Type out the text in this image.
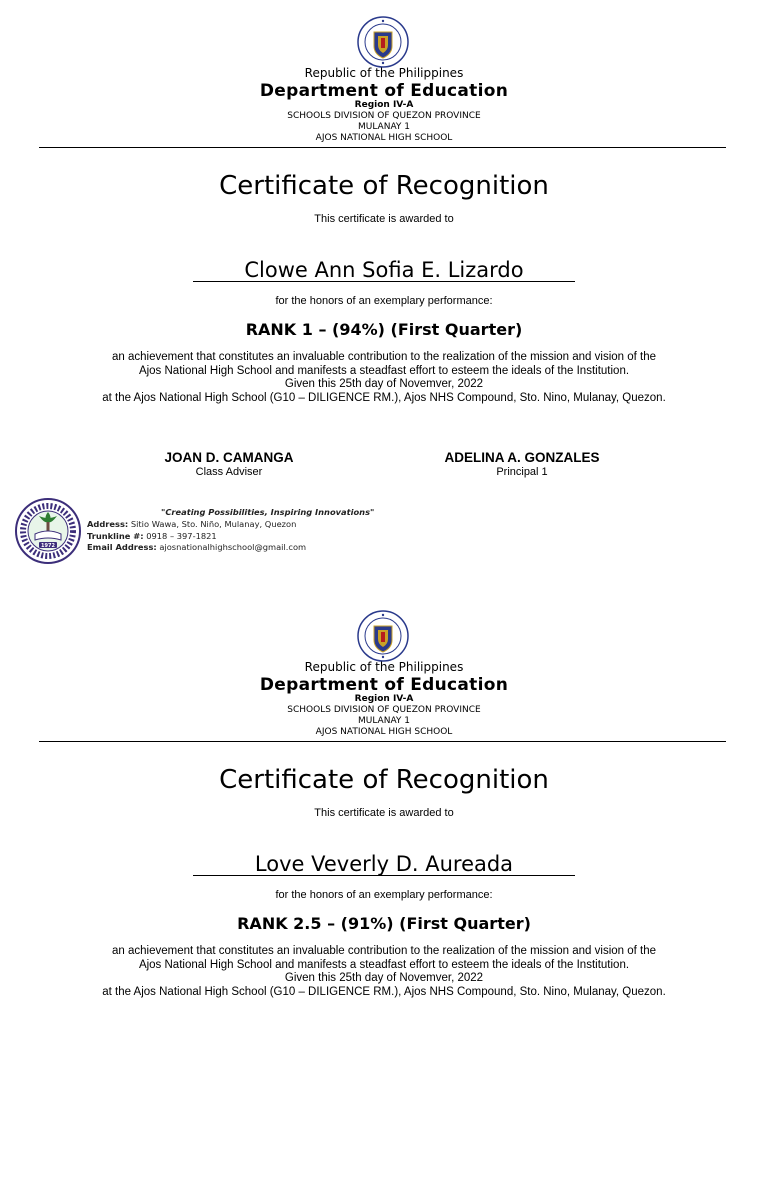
Republic of the Philippines
Department of Education
Region IV-A
SCHOOLS DIVISION OF QUEZON PROVINCE
MULANAY 1
AJOS NATIONAL HIGH SCHOOL
Certificate of Recognition
This certificate is awarded to
Clowe Ann Sofia E. Lizardo
for the honors of an exemplary performance:
RANK 1 – (94%) (First Quarter)
an achievement that constitutes an invaluable contribution to the realization of the mission and vision of the
Ajos National High School and manifests a steadfast effort to esteem the ideals of the Institution.
Given this 25th day of Novemver, 2022
at the Ajos National High School (G10 – DILIGENCE RM.), Ajos NHS Compound, Sto. Nino, Mulanay, Quezon.
JOAN D. CAMANGA
Class Adviser
ADELINA A. GONZALES
Principal 1
1972
"Creating Possibilities, Inspiring Innovations"
Address: Sitio Wawa, Sto. Niño, Mulanay, Quezon
Trunkline #: 0918 – 397-1821
Email Address: ajosnationalhighschool@gmail.com
Republic of the Philippines
Department of Education
Region IV-A
SCHOOLS DIVISION OF QUEZON PROVINCE
MULANAY 1
AJOS NATIONAL HIGH SCHOOL
Certificate of Recognition
This certificate is awarded to
Love Veverly D. Aureada
for the honors of an exemplary performance:
RANK 2.5 – (91%) (First Quarter)
an achievement that constitutes an invaluable contribution to the realization of the mission and vision of the
Ajos National High School and manifests a steadfast effort to esteem the ideals of the Institution.
Given this 25th day of Novemver, 2022
at the Ajos National High School (G10 – DILIGENCE RM.), Ajos NHS Compound, Sto. Nino, Mulanay, Quezon.
